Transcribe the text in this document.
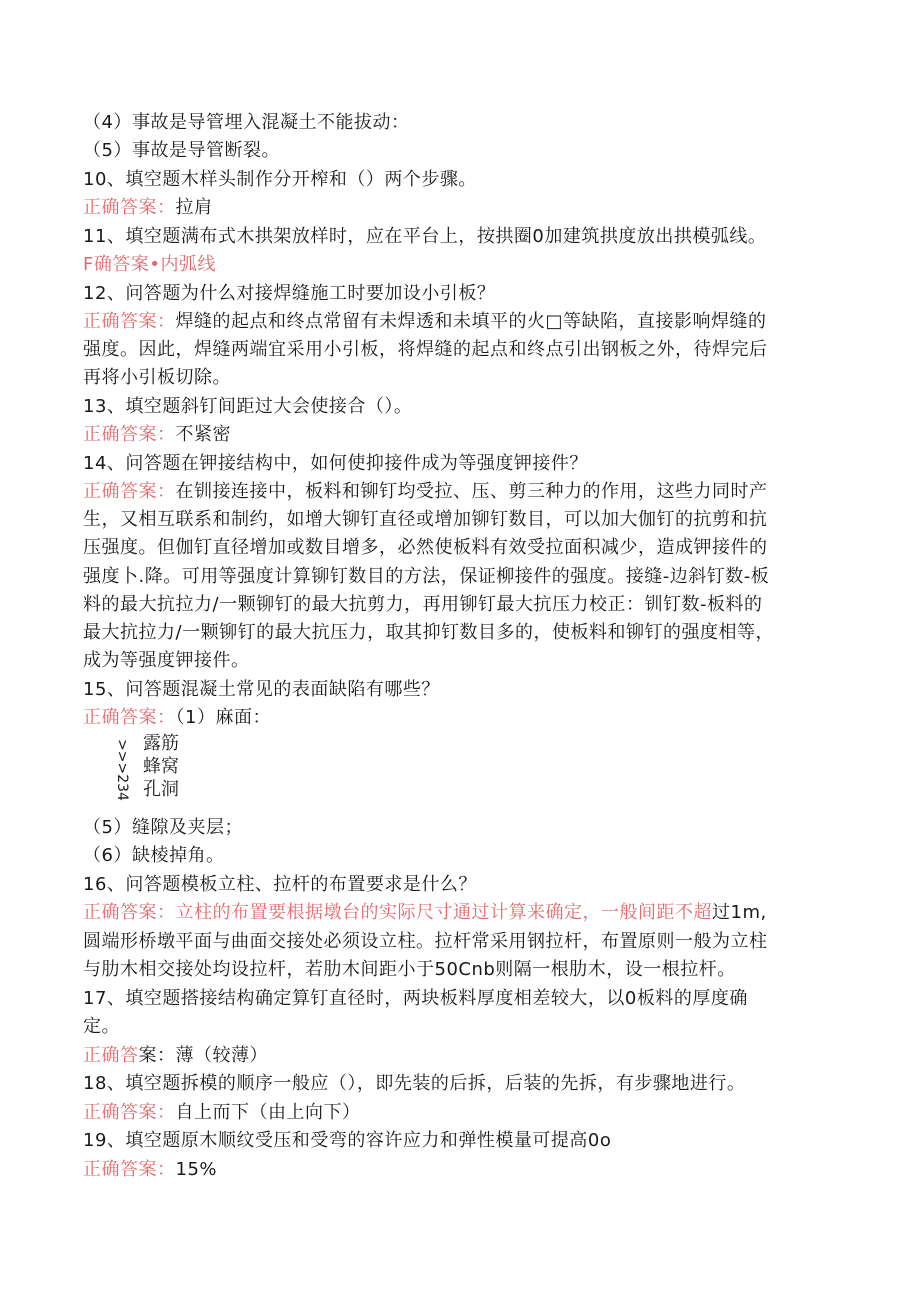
（4）事故是导管埋入混凝土不能拔动：
（5）事故是导管断裂。
10、填空题木样头制作分开榨和（）两个步骤。
正确答案：拉肩
11、填空题满布式木拱架放样时，应在平台上，按拱圈0加建筑拱度放出拱模弧线。
F确答案•内弧线
12、问答题为什么对接焊缝施工时要加设小引板？
正确答案：焊缝的起点和终点常留有未焊透和未填平的火□等缺陷，直接影响焊缝的
强度。因此，焊缝两端宜采用小引板，将焊缝的起点和终点引出钢板之外，待焊完后
再将小引板切除。
13、填空题斜钉间距过大会使接合（）。
正确答案：不紧密
14、问答题在钾接结构中，如何使抑接件成为等强度钾接件？
正确答案：在钏接连接中，板料和铆钉均受拉、压、剪三种力的作用，这些力同时产
生，又相互联系和制约，如增大铆钉直径或增加铆钉数目，可以加大伽钉的抗剪和抗
压强度。但伽钉直径增加或数目增多，必然使板料有效受拉面积减少，造成钾接件的
强度卜.降。可用等强度计算铆钉数目的方法，保证柳接件的强度。接缝-边斜钉数-板
料的最大抗拉力/一颗铆钉的最大抗剪力，再用铆钉最大抗压力校正：钏钉数-板料的
最大抗拉力/一颗铆钉的最大抗压力，取其抑钉数目多的，使板料和铆钉的强度相等，
成为等强度钾接件。
15、问答题混凝土常见的表面缺陷有哪些？
正确答案：（1）麻面：
（5）缝隙及夹层；
（6）缺棱掉角。
16、问答题模板立柱、拉杆的布置要求是什么？
正确答案：立柱的布置要根据墩台的实际尺寸通过计算来确定，一般间距不超过1m,
圆端形桥墩平面与曲面交接处必须设立柱。拉杆常采用钢拉杆，布置原则一般为立柱
与肋木相交接处均设拉杆，若肋木间距小于50Cnb则隔一根肋木，设一根拉杆。
17、填空题搭接结构确定算钉直径时，两块板料厚度相差较大，以0板料的厚度确
定。
正确答案：薄（较薄）
18、填空题拆模的顺序一般应（），即先装的后拆，后装的先拆，有步骤地进行。
正确答案：自上而下（由上向下）
19、填空题原木顺纹受压和受弯的容许应力和弹性模量可提高0o
正确答案：15%
>>>234 露筋
蜂窝
孔洞
